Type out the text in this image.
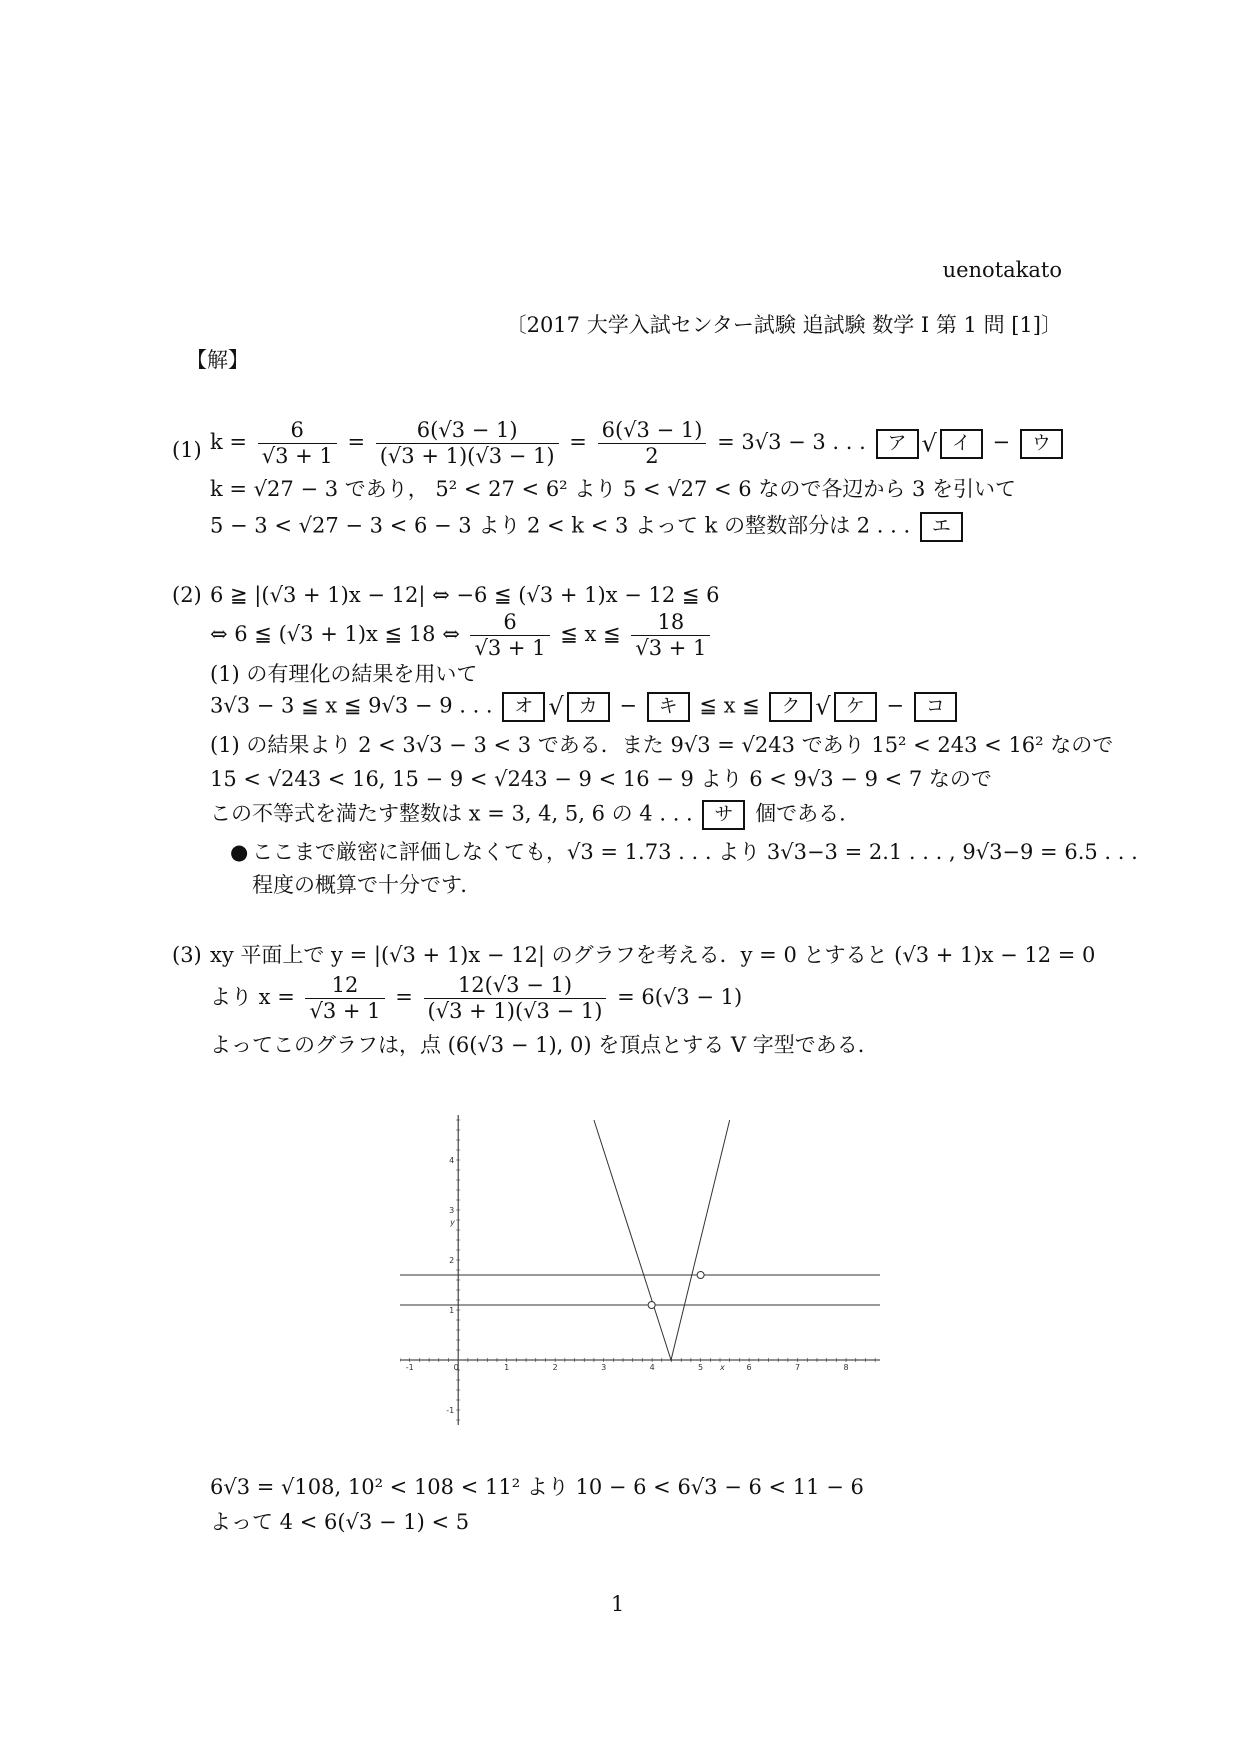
uenotakato
〔2017 大学入試センター試験 追試験 数学 I 第 1 問 [1]〕
【解】
(1) $k = \frac{6}{√3 + 1} = \frac{6(√3 - 1)}{(√3 + 1)(√3 - 1)} = \frac{6(√3 - 1)}{2} = 3√3 - 3$ . . . ア √ イ − ウ
k = √27 − 3 であり， 5² < 27 < 6² より 5 < √27 < 6 なので各辺から 3 を引いて
5 − 3 < √27 − 3 < 6 − 3 より 2 < k < 3 よって k の整数部分は 2 . . . エ
(2) 6 ≧ |(√3 + 1)x − 12| ⇔ −6 ≦ (√3 + 1)x − 12 ≦ 6
⇔ 6 ≦ (√3 + 1)x ≦ 18 ⇔ $\frac{6}{√3 + 1}$ ≦ x ≦ $\frac{18}{√3 + 1}$
(1) の有理化の結果を用いて
3√3 − 3 ≦ x ≦ 9√3 − 9 . . . オ √ カ − キ ≦ x ≦ ク √ ケ − コ
(1) の結果より 2 < 3√3 − 3 < 3 である．また 9√3 = √243 であり 15² < 243 < 16² なので
15 < √243 < 16, 15 − 9 < √243 − 9 < 16 − 9 より 6 < 9√3 − 9 < 7 なので
この不等式を満たす整数は x = 3, 4, 5, 6 の 4 . . . サ 個である．
● ここまで厳密に評価しなくても，√3 = 1.73 . . . より 3√3−3 = 2.1 . . . , 9√3−9 = 6.5 . . .
程度の概算で十分です．
(3) xy 平面上で y = |(√3 + 1)x − 12| のグラフを考える．y = 0 とすると (√3 + 1)x − 12 = 0
より $x = \frac{12}{√3 + 1} = \frac{12(√3 - 1)}{(√3 + 1)(√3 - 1)} = 6(√3 - 1)$
よってこのグラフは，点 (6(√3 − 1), 0) を頂点とする V 字型である．
-1	0	1	2	3	4	5	6	7	8
-1
1
2
3
4
x
y
6√3 = √108, 10² < 108 < 11² より 10 − 6 < 6√3 − 6 < 11 − 6
よって 4 < 6(√3 − 1) < 5
1
